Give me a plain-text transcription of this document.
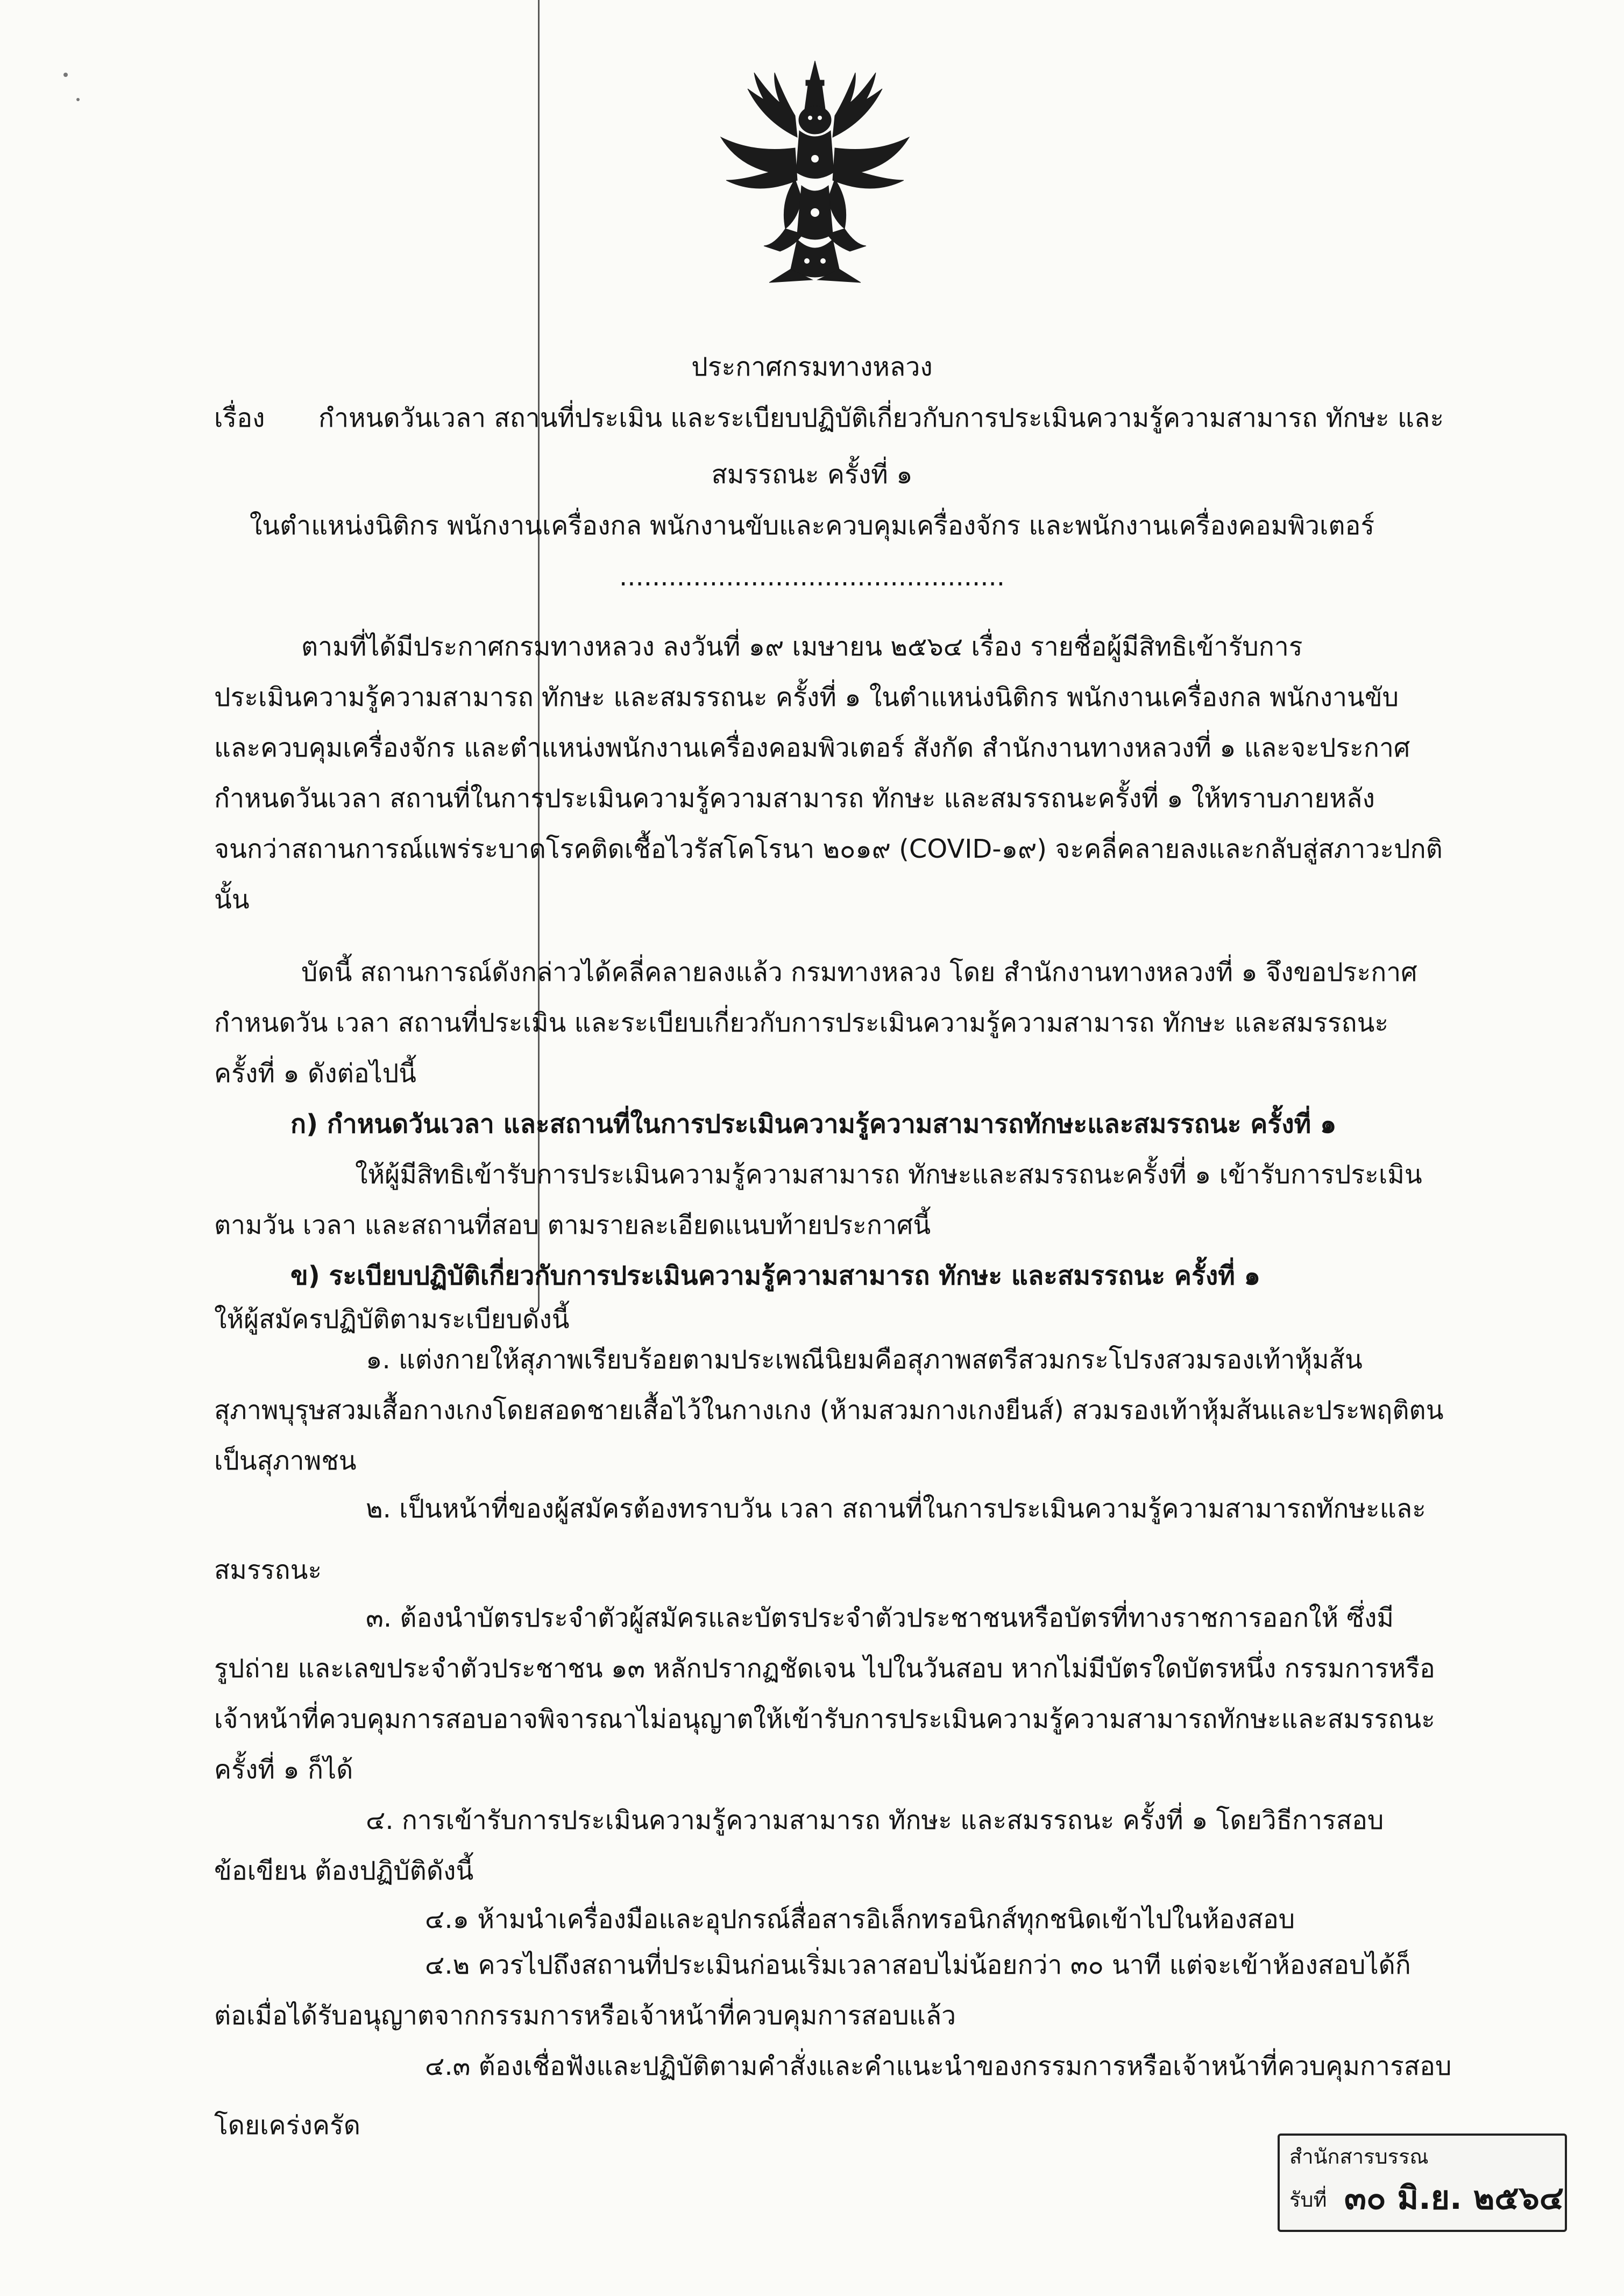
ประกาศกรมทางหลวง
เรื่อง กำหนดวันเวลา สถานที่ประเมิน และระเบียบปฏิบัติเกี่ยวกับการประเมินความรู้ความสามารถ ทักษะ และ
สมรรถนะ ครั้งที่ ๑
ในตำแหน่งนิติกร พนักงานเครื่องกล พนักงานขับและควบคุมเครื่องจักร และพนักงานเครื่องคอมพิวเตอร์
...............................................
ตามที่ได้มีประกาศกรมทางหลวง ลงวันที่ ๑๙ เมษายน ๒๕๖๔ เรื่อง รายชื่อผู้มีสิทธิเข้ารับการ
ประเมินความรู้ความสามารถ ทักษะ และสมรรถนะ ครั้งที่ ๑ ในตำแหน่งนิติกร พนักงานเครื่องกล พนักงานขับ
และควบคุมเครื่องจักร และตำแหน่งพนักงานเครื่องคอมพิวเตอร์ สังกัด สำนักงานทางหลวงที่ ๑ และจะประกาศ
กำหนดวันเวลา สถานที่ในการประเมินความรู้ความสามารถ ทักษะ และสมรรถนะครั้งที่ ๑ ให้ทราบภายหลัง
จนกว่าสถานการณ์แพร่ระบาดโรคติดเชื้อไวรัสโคโรนา ๒๐๑๙ (COVID-๑๙) จะคลี่คลายลงและกลับสู่สภาวะปกติ
นั้น
บัดนี้ สถานการณ์ดังกล่าวได้คลี่คลายลงแล้ว กรมทางหลวง โดย สำนักงานทางหลวงที่ ๑ จึงขอประกาศ
กำหนดวัน เวลา สถานที่ประเมิน และระเบียบเกี่ยวกับการประเมินความรู้ความสามารถ ทักษะ และสมรรถนะ
ครั้งที่ ๑ ดังต่อไปนี้
ก) กำหนดวันเวลา และสถานที่ในการประเมินความรู้ความสามารถทักษะและสมรรถนะ ครั้งที่ ๑
ให้ผู้มีสิทธิเข้ารับการประเมินความรู้ความสามารถ ทักษะและสมรรถนะครั้งที่ ๑ เข้ารับการประเมิน
ตามวัน เวลา และสถานที่สอบ ตามรายละเอียดแนบท้ายประกาศนี้
ข) ระเบียบปฏิบัติเกี่ยวกับการประเมินความรู้ความสามารถ ทักษะ และสมรรถนะ ครั้งที่ ๑
ให้ผู้สมัครปฏิบัติตามระเบียบดังนี้
๑. แต่งกายให้สุภาพเรียบร้อยตามประเพณีนิยมคือสุภาพสตรีสวมกระโปรงสวมรองเท้าหุ้มส้น
สุภาพบุรุษสวมเสื้อกางเกงโดยสอดชายเสื้อไว้ในกางเกง (ห้ามสวมกางเกงยีนส์) สวมรองเท้าหุ้มส้นและประพฤติตน
เป็นสุภาพชน
๒. เป็นหน้าที่ของผู้สมัครต้องทราบวัน เวลา สถานที่ในการประเมินความรู้ความสามารถทักษะและ
สมรรถนะ
๓. ต้องนำบัตรประจำตัวผู้สมัครและบัตรประจำตัวประชาชนหรือบัตรที่ทางราชการออกให้ ซึ่งมี
รูปถ่าย และเลขประจำตัวประชาชน ๑๓ หลักปรากฏชัดเจน ไปในวันสอบ หากไม่มีบัตรใดบัตรหนึ่ง กรรมการหรือ
เจ้าหน้าที่ควบคุมการสอบอาจพิจารณาไม่อนุญาตให้เข้ารับการประเมินความรู้ความสามารถทักษะและสมรรถนะ
ครั้งที่ ๑ ก็ได้
๔. การเข้ารับการประเมินความรู้ความสามารถ ทักษะ และสมรรถนะ ครั้งที่ ๑ โดยวิธีการสอบ
ข้อเขียน ต้องปฏิบัติดังนี้
๔.๑ ห้ามนำเครื่องมือและอุปกรณ์สื่อสารอิเล็กทรอนิกส์ทุกชนิดเข้าไปในห้องสอบ
๔.๒ ควรไปถึงสถานที่ประเมินก่อนเริ่มเวลาสอบไม่น้อยกว่า ๓๐ นาที แต่จะเข้าห้องสอบได้ก็
ต่อเมื่อได้รับอนุญาตจากกรรมการหรือเจ้าหน้าที่ควบคุมการสอบแล้ว
๔.๓ ต้องเชื่อฟังและปฏิบัติตามคำสั่งและคำแนะนำของกรรมการหรือเจ้าหน้าที่ควบคุมการสอบ
โดยเคร่งครัด
สำนักสารบรรณ
รับที่ ๓๐ มิ.ย. ๒๕๖๔
